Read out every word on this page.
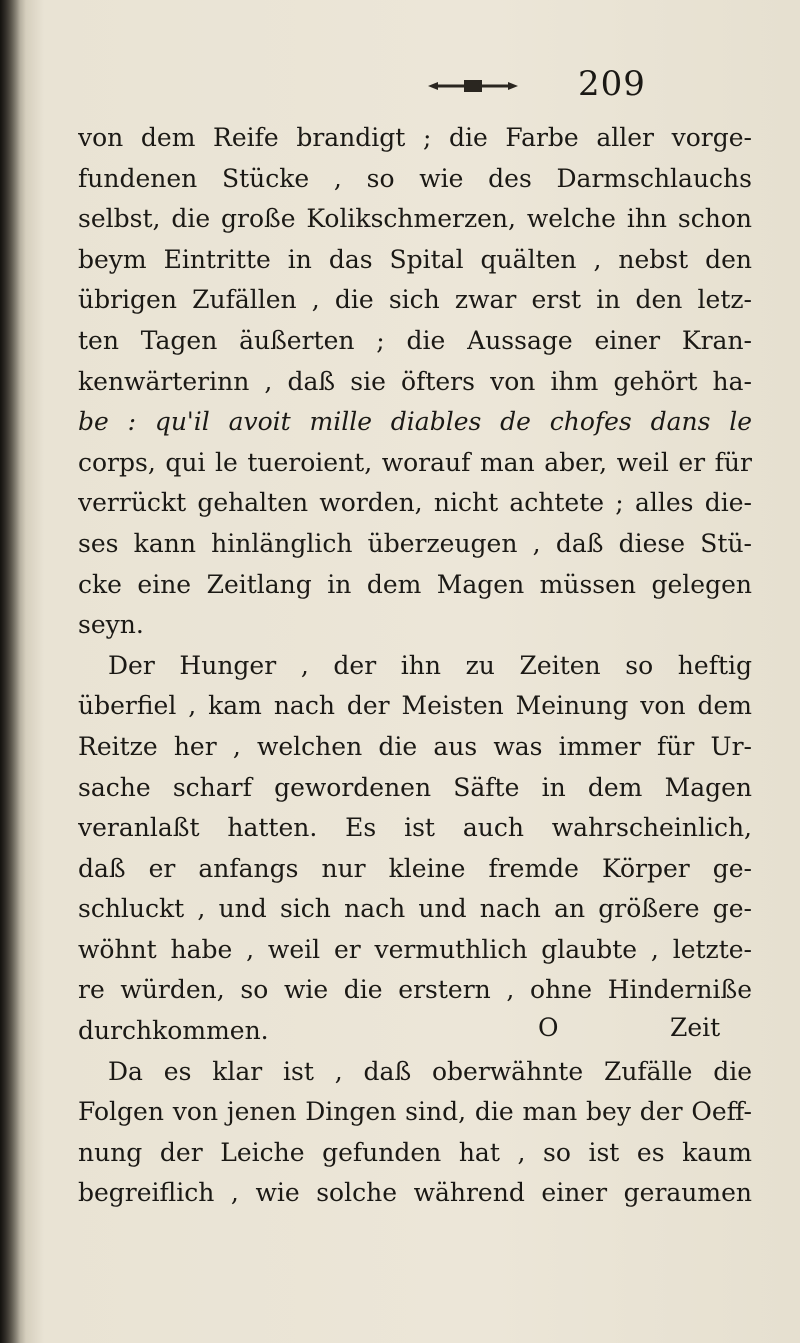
209
von dem Reife brandigt ; die Farbe aller vorge-
fundenen Stücke , so wie des Darmschlauchs
selbst, die große Kolikschmerzen, welche ihn schon
beym Eintritte in das Spital quälten , nebst den
übrigen Zufällen , die sich zwar erst in den letz-
ten Tagen äußerten ; die Aussage einer Kran-
kenwärterinn , daß sie öfters von ihm gehört ha-
be : qu'il avoit mille diables de chofes dans le
corps, qui le tueroient, worauf man aber, weil er für
verrückt gehalten worden, nicht achtete ; alles die-
ses kann hinlänglich überzeugen , daß diese Stü-
cke eine Zeitlang in dem Magen müssen gelegen
seyn.
Der Hunger , der ihn zu Zeiten so heftig
überfiel , kam nach der Meisten Meinung von dem
Reitze her , welchen die aus was immer für Ur-
sache scharf gewordenen Säfte in dem Magen
veranlaßt hatten. Es ist auch wahrscheinlich,
daß er anfangs nur kleine fremde Körper ge-
schluckt , und sich nach und nach an größere ge-
wöhnt habe , weil er vermuthlich glaubte , letzte-
re würden, so wie die erstern , ohne Hinderniße
durchkommen.
Da es klar ist , daß oberwähnte Zufälle die
Folgen von jenen Dingen sind, die man bey der Oeff-
nung der Leiche gefunden hat , so ist es kaum
begreiflich , wie solche während einer geraumen
O	Zeit
